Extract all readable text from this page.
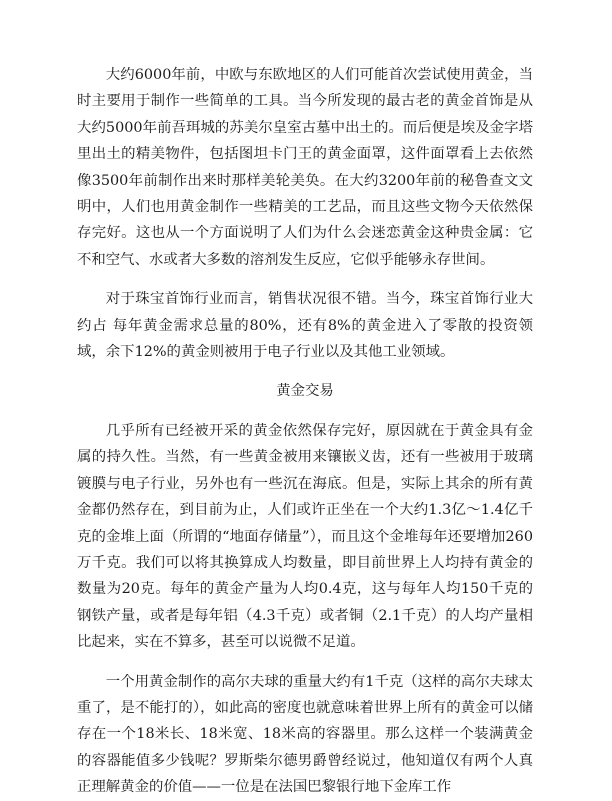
大约6000年前，中欧与东欧地区的人们可能首次尝试使用黄金，当时主要用于制作一些简单的工具。当今所发现的最古老的黄金首饰是从大约5000年前吾珥城的苏美尔皇室古墓中出土的。而后便是埃及金字塔里出土的精美物件，包括图坦卡门王的黄金面罩，这件面罩看上去依然像3500年前制作出来时那样美轮美奂。在大约3200年前的秘鲁查文文明中，人们也用黄金制作一些精美的工艺品，而且这些文物今天依然保存完好。这也从一个方面说明了人们为什么会迷恋黄金这种贵金属：它不和空气、水或者大多数的溶剂发生反应，它似乎能够永存世间。

对于珠宝首饰行业而言，销售状况很不错。当今，珠宝首饰行业大约占 每年黄金需求总量的80%，还有8%的黄金进入了零散的投资领域，余下12%的黄金则被用于电子行业以及其他工业领域。

黄金交易

几乎所有已经被开采的黄金依然保存完好，原因就在于黄金具有金属的持久性。当然，有一些黄金被用来镶嵌义齿，还有一些被用于玻璃镀膜与电子行业，另外也有一些沉在海底。但是，实际上其余的所有黄金都仍然存在，到目前为止，人们或许正坐在一个大约1.3亿～1.4亿千克的金堆上面（所谓的“地面存储量”），而且这个金堆每年还要增加260万千克。我们可以将其换算成人均数量，即目前世界上人均持有黄金的数量为20克。每年的黄金产量为人均0.4克，这与每年人均150千克的钢铁产量，或者是每年铝（4.3千克）或者铜（2.1千克）的人均产量相比起来，实在不算多，甚至可以说微不足道。

一个用黄金制作的高尔夫球的重量大约有1千克（这样的高尔夫球太重了，是不能打的），如此高的密度也就意味着世界上所有的黄金可以储存在一个18米长、18米宽、18米高的容器里。那么这样一个装满黄金的容器能值多少钱呢？罗斯柴尔德男爵曾经说过，他知道仅有两个人真正理解黄金的价值——一位是在法国巴黎银行地下金库工作
